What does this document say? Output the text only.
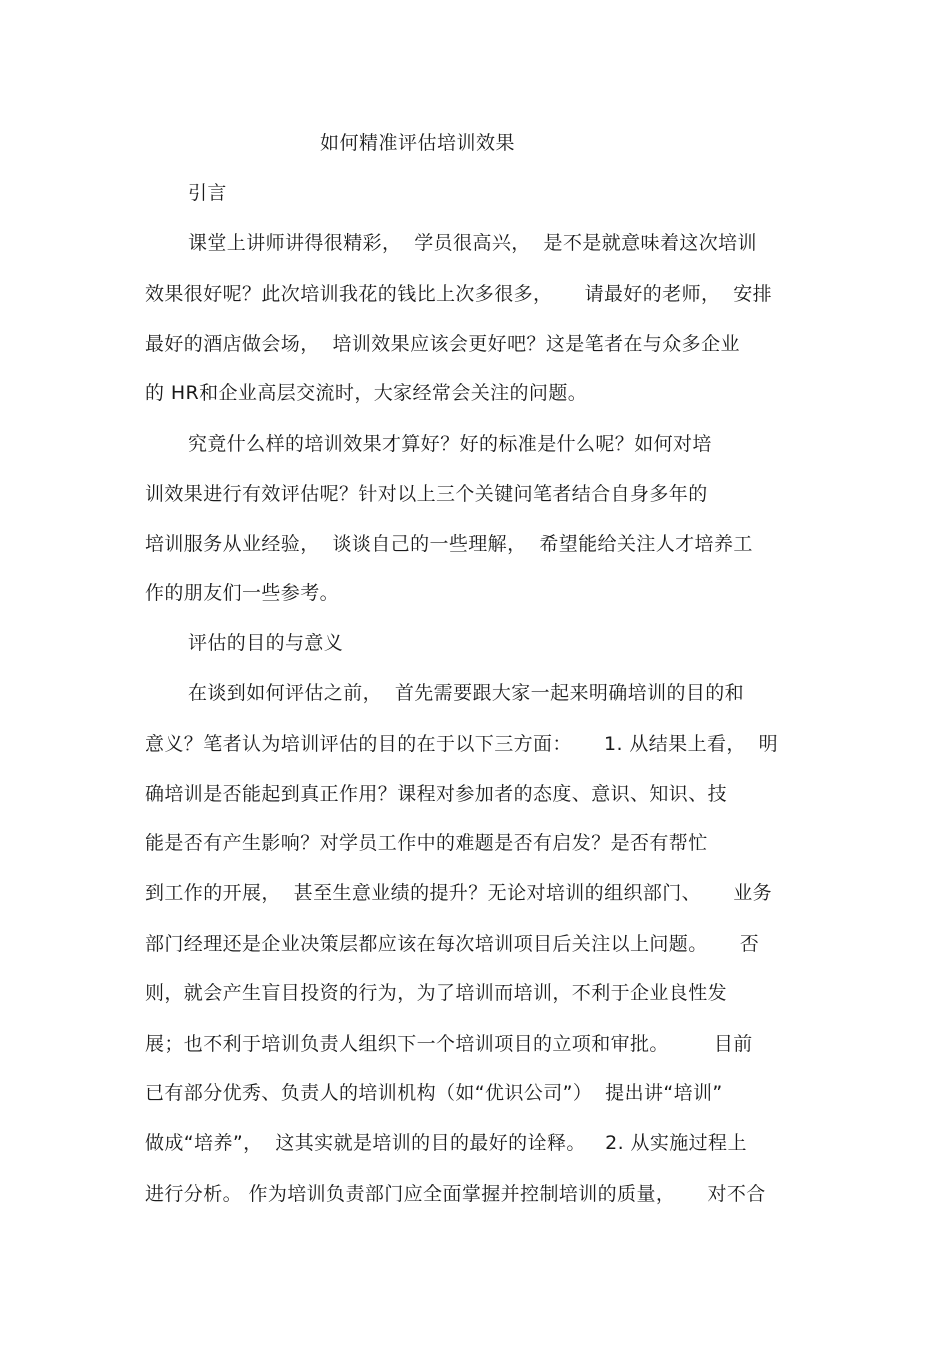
如何精准评估培训效果
引言
课堂上讲师讲得很精彩，  学员很高兴，  是不是就意味着这次培训
效果很好呢？此次培训我花的钱比上次多很多，     请最好的老师，  安排
最好的酒店做会场，  培训效果应该会更好吧？这是笔者在与众多企业
的 HR和企业高层交流时，大家经常会关注的问题。
究竟什么样的培训效果才算好？好的标准是什么呢？如何对培
训效果进行有效评估呢？针对以上三个关键问笔者结合自身多年的
培训服务从业经验，  谈谈自己的一些理解，  希望能给关注人才培养工
作的朋友们一些参考。
评估的目的与意义
在谈到如何评估之前，  首先需要跟大家一起来明确培训的目的和
意义？笔者认为培训评估的目的在于以下三方面：     1. 从结果上看，  明
确培训是否能起到真正作用？课程对参加者的态度、意识、知识、技
能是否有产生影响？对学员工作中的难题是否有启发？是否有帮忙
到工作的开展，  甚至生意业绩的提升？无论对培训的组织部门、     业务
部门经理还是企业决策层都应该在每次培训项目后关注以上问题。     否
则，就会产生盲目投资的行为，为了培训而培训，不利于企业良性发
展；也不利于培训负责人组织下一个培训项目的立项和审批。       目前
已有部分优秀、负责人的培训机构（如“优识公司”）  提出讲“培训”
做成“培养”，  这其实就是培训的目的最好的诠释。   2. 从实施过程上
进行分析。 作为培训负责部门应全面掌握并控制培训的质量，     对不合
